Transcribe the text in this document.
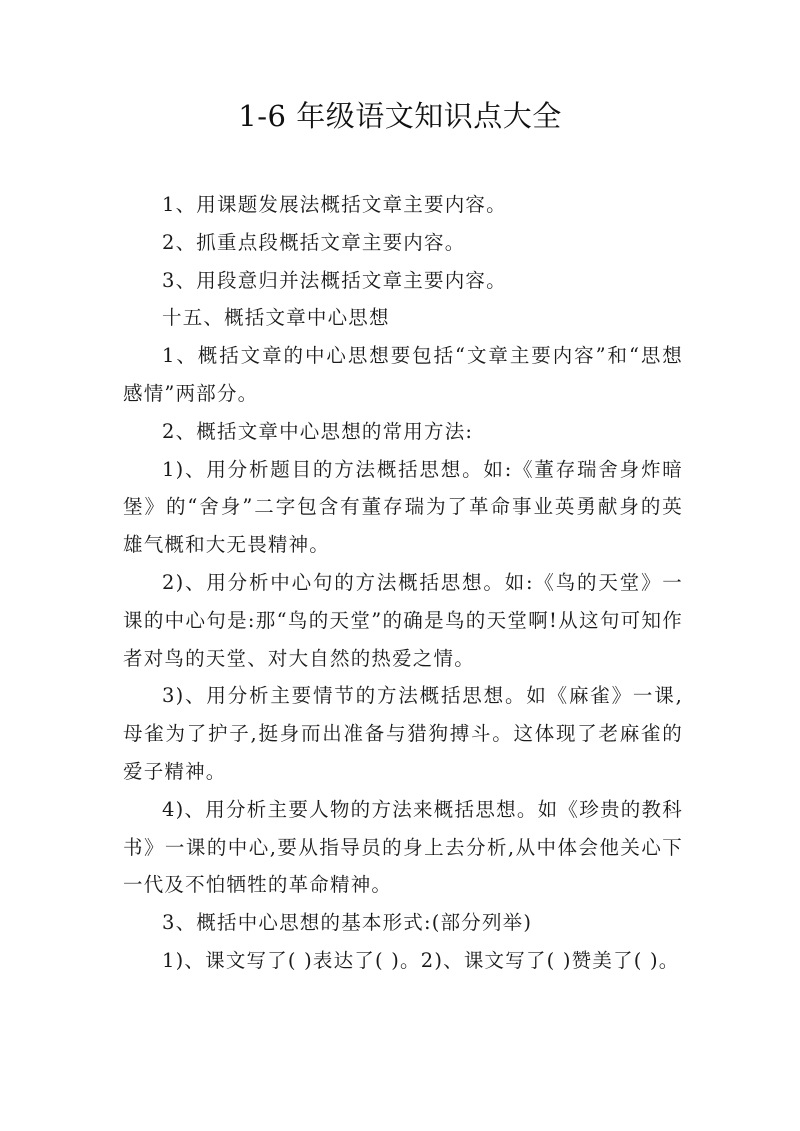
1-6 年级语文知识点大全

1、用课题发展法概括文章主要内容。

2、抓重点段概括文章主要内容。

3、用段意归并法概括文章主要内容。

十五、概括文章中心思想

1、概括文章的中心思想要包括“文章主要内容”和“思想感情”两部分。

2、概括文章中心思想的常用方法:

1)、用分析题目的方法概括思想。如:《董存瑞舍身炸暗堡》的“舍身”二字包含有董存瑞为了革命事业英勇献身的英雄气概和大无畏精神。

2)、用分析中心句的方法概括思想。如:《鸟的天堂》一课的中心句是:那“鸟的天堂”的确是鸟的天堂啊!从这句可知作者对鸟的天堂、对大自然的热爱之情。

3)、用分析主要情节的方法概括思想。如《麻雀》一课,母雀为了护子,挺身而出准备与猎狗搏斗。这体现了老麻雀的爱子精神。

4)、用分析主要人物的方法来概括思想。如《珍贵的教科书》一课的中心,要从指导员的身上去分析,从中体会他关心下一代及不怕牺牲的革命精神。

3、概括中心思想的基本形式:(部分列举)

1)、课文写了( )表达了( )。2)、课文写了( )赞美了( )。
